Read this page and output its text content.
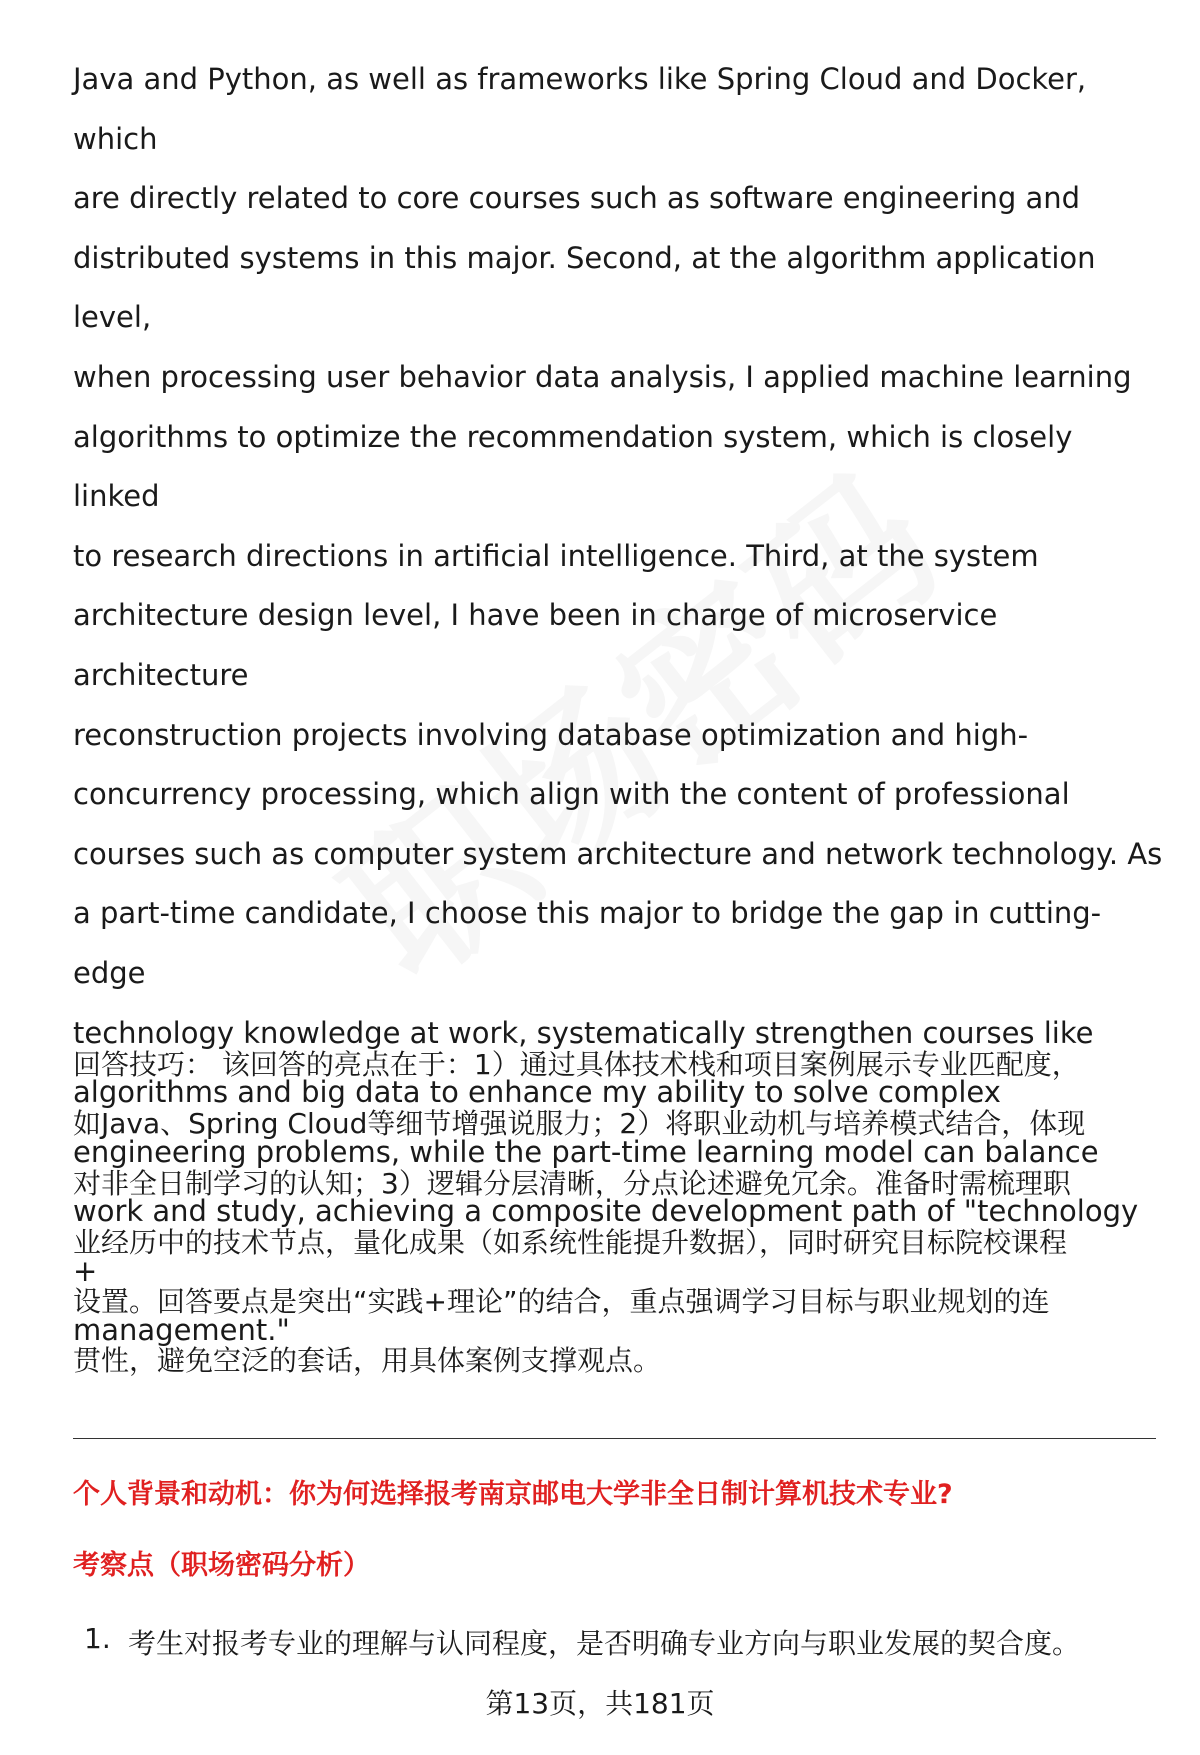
Java and Python, as well as frameworks like Spring Cloud and Docker, which
are directly related to core courses such as software engineering and
distributed systems in this major. Second, at the algorithm application level,
when processing user behavior data analysis, I applied machine learning
algorithms to optimize the recommendation system, which is closely linked
to research directions in artificial intelligence. Third, at the system
architecture design level, I have been in charge of microservice architecture
reconstruction projects involving database optimization and high-
concurrency processing, which align with the content of professional
courses such as computer system architecture and network technology. As
a part-time candidate, I choose this major to bridge the gap in cutting-edge
technology knowledge at work, systematically strengthen courses like
algorithms and big data to enhance my ability to solve complex
engineering problems, while the part-time learning model can balance
work and study, achieving a composite development path of "technology +
management."

回答技巧： 该回答的亮点在于：1）通过具体技术栈和项目案例展示专业匹配度，
如Java、Spring Cloud等细节增强说服力；2）将职业动机与培养模式结合，体现
对非全日制学习的认知；3）逻辑分层清晰，分点论述避免冗余。准备时需梳理职
业经历中的技术节点，量化成果（如系统性能提升数据），同时研究目标院校课程
设置。回答要点是突出“实践+理论”的结合，重点强调学习目标与职业规划的连
贯性，避免空泛的套话，用具体案例支撑观点。

个人背景和动机：你为何选择报考南京邮电大学非全日制计算机技术专业?
考察点（职场密码分析）
1. 考生对报考专业的理解与认同程度，是否明确专业方向与职业发展的契合度。
第13页，共181页
